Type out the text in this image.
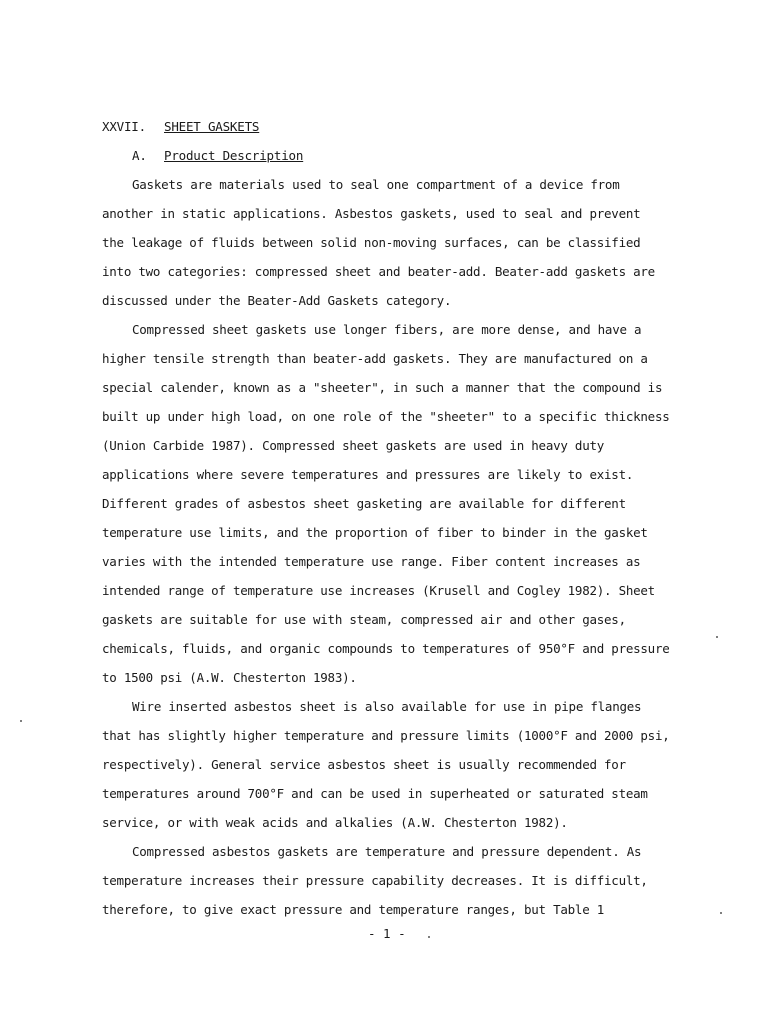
XXVII. SHEET GASKETS
A. Product Description
Gaskets are materials used to seal one compartment of a device from
another in static applications. Asbestos gaskets, used to seal and prevent
the leakage of fluids between solid non-moving surfaces, can be classified
into two categories: compressed sheet and beater-add. Beater-add gaskets are
discussed under the Beater-Add Gaskets category.
Compressed sheet gaskets use longer fibers, are more dense, and have a
higher tensile strength than beater-add gaskets. They are manufactured on a
special calender, known as a "sheeter", in such a manner that the compound is
built up under high load, on one role of the "sheeter" to a specific thickness
(Union Carbide 1987). Compressed sheet gaskets are used in heavy duty
applications where severe temperatures and pressures are likely to exist.
Different grades of asbestos sheet gasketing are available for different
temperature use limits, and the proportion of fiber to binder in the gasket
varies with the intended temperature use range. Fiber content increases as
intended range of temperature use increases (Krusell and Cogley 1982). Sheet
gaskets are suitable for use with steam, compressed air and other gases,
chemicals, fluids, and organic compounds to temperatures of 950°F and pressure
to 1500 psi (A.W. Chesterton 1983).
Wire inserted asbestos sheet is also available for use in pipe flanges
that has slightly higher temperature and pressure limits (1000°F and 2000 psi,
respectively). General service asbestos sheet is usually recommended for
temperatures around 700°F and can be used in superheated or saturated steam
service, or with weak acids and alkalies (A.W. Chesterton 1982).
Compressed asbestos gaskets are temperature and pressure dependent. As
temperature increases their pressure capability decreases. It is difficult,
therefore, to give exact pressure and temperature ranges, but Table 1
- 1 -
